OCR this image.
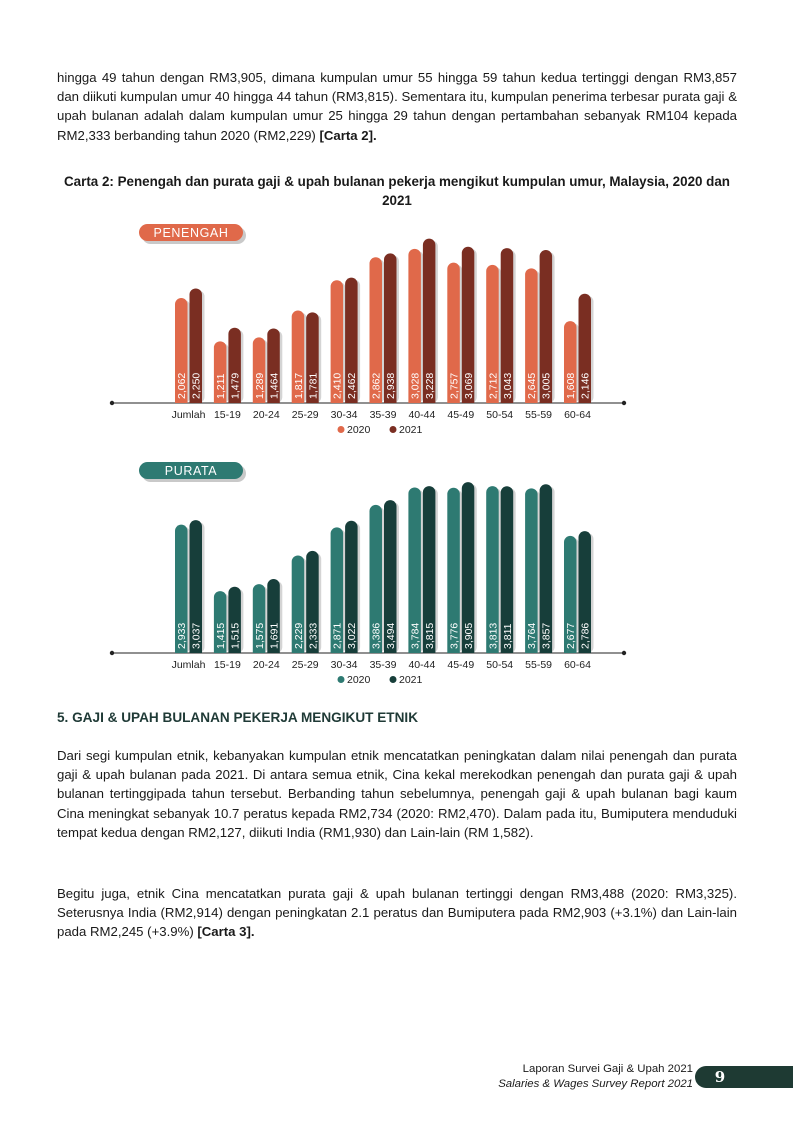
hingga 49 tahun dengan RM3,905, dimana kumpulan umur 55 hingga 59 tahun kedua tertinggi dengan RM3,857 dan diikuti kumpulan umur 40 hingga 44 tahun (RM3,815). Sementara itu, kumpulan penerima terbesar purata gaji & upah bulanan adalah dalam kumpulan umur 25 hingga 29 tahun dengan pertambahan sebanyak RM104 kepada RM2,333 berbanding tahun 2020 (RM2,229) [Carta 2].

Carta 2: Penengah dan purata gaji & upah bulanan pekerja mengikut kumpulan umur, Malaysia, 2020 dan 2021

PENENGAH
2,062 2,250
Jumlah
1,211 1,479
15-19
1,289 1,464
20-24
1,817 1,781
25-29
2,410 2,462
30-34
2,862 2,938
35-39
3,028 3,228
40-44
2,757 3,069
45-49
2,712 3,043
50-54
2,645 3,005
55-59
1,608 2,146
60-64
2020	2021
PURATA
2,933 3,037
Jumlah
1,415 1,515
15-19
1,575 1,691
20-24
2,229 2,333
25-29
2,871 3,022
30-34
3,386 3,494
35-39
3,784 3,815
40-44
3,776 3,905
45-49
3,813 3,811
50-54
3,764 3,857
55-59
2,677 2,786
60-64
2020	2021
5. GAJI & UPAH BULANAN PEKERJA MENGIKUT ETNIK

Dari segi kumpulan etnik, kebanyakan kumpulan etnik mencatatkan peningkatan dalam nilai penengah dan purata gaji & upah bulanan pada 2021. Di antara semua etnik, Cina kekal merekodkan penengah dan purata gaji & upah bulanan tertinggipada tahun tersebut. Berbanding tahun sebelumnya, penengah gaji & upah bulanan bagi kaum Cina meningkat sebanyak 10.7 peratus kepada RM2,734 (2020: RM2,470). Dalam pada itu, Bumiputera menduduki tempat kedua dengan RM2,127, diikuti India (RM1,930) dan Lain-lain (RM 1,582).

Begitu juga, etnik Cina mencatatkan purata gaji & upah bulanan tertinggi dengan RM3,488 (2020: RM3,325). Seterusnya India (RM2,914) dengan peningkatan 2.1 peratus dan Bumiputera pada RM2,903 (+3.1%) dan Lain-lain pada RM2,245 (+3.9%) [Carta 3].

Laporan Survei Gaji & Upah 2021
Salaries & Wages Survey Report 2021	9
